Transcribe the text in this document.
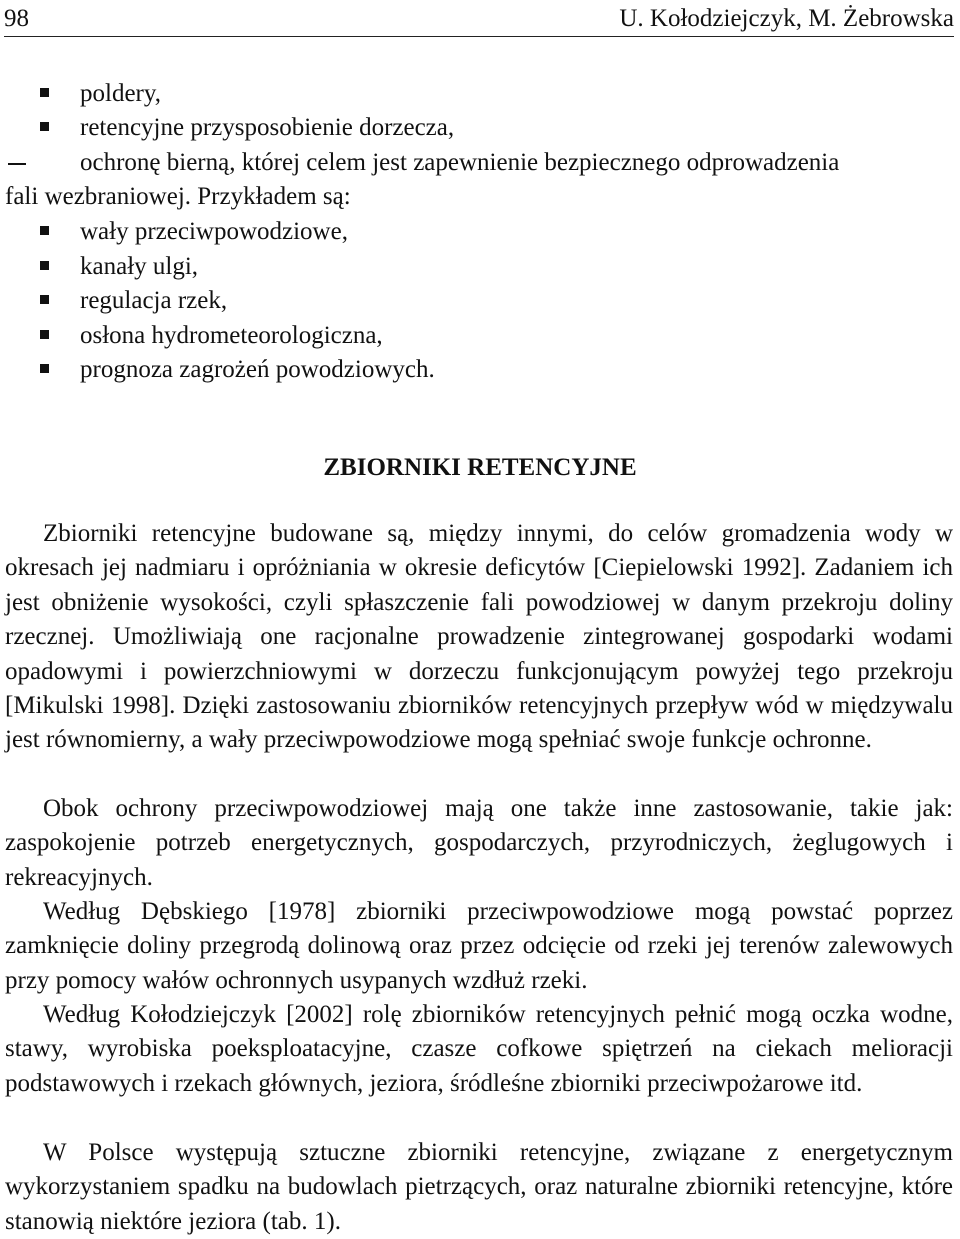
98	U. Kołodziejczyk, M. Żebrowska
poldery,
retencyjne przysposobienie dorzecza,
ochronę bierną, której celem jest zapewnienie bezpiecznego odprowadzenia
fali wezbraniowej. Przykładem są:
wały przeciwpowodziowe,
kanały ulgi,
regulacja rzek,
osłona hydrometeorologiczna,
prognoza zagrożeń powodziowych.
ZBIORNIKI RETENCYJNE

Zbiorniki retencyjne budowane są, między innymi, do celów gromadzenia wody w okresach jej nadmiaru i opróżniania w okresie deficytów [Ciepielowski 1992]. Zadaniem ich jest obniżenie wysokości, czyli spłaszczenie fali powodziowej w danym przekroju doliny rzecznej. Umożliwiają one racjonalne prowadzenie zintegrowanej gospodarki wodami opadowymi i powierzchniowymi w dorzeczu funkcjonującym powyżej tego przekroju [Mikulski 1998]. Dzięki zastosowaniu zbiorników retencyjnych przepływ wód w międzywalu jest równomierny, a wały przeciwpowodziowe mogą spełniać swoje funkcje ochronne.

Obok ochrony przeciwpowodziowej mają one także inne zastosowanie, takie jak: zaspokojenie potrzeb energetycznych, gospodarczych, przyrodniczych, żeglugowych i rekreacyjnych.

Według Dębskiego [1978] zbiorniki przeciwpowodziowe mogą powstać poprzez zamknięcie doliny przegrodą dolinową oraz przez odcięcie od rzeki jej terenów zalewowych przy pomocy wałów ochronnych usypanych wzdłuż rzeki.

Według Kołodziejczyk [2002] rolę zbiorników retencyjnych pełnić mogą oczka wodne, stawy, wyrobiska poeksploatacyjne, czasze cofkowe spiętrzeń na ciekach melioracji podstawowych i rzekach głównych, jeziora, śródleśne zbiorniki przeciwpożarowe itd.

W Polsce występują sztuczne zbiorniki retencyjne, związane z energetycznym wykorzystaniem spadku na budowlach pietrzących, oraz naturalne zbiorniki retencyjne, które stanowią niektóre jeziora (tab. 1).
